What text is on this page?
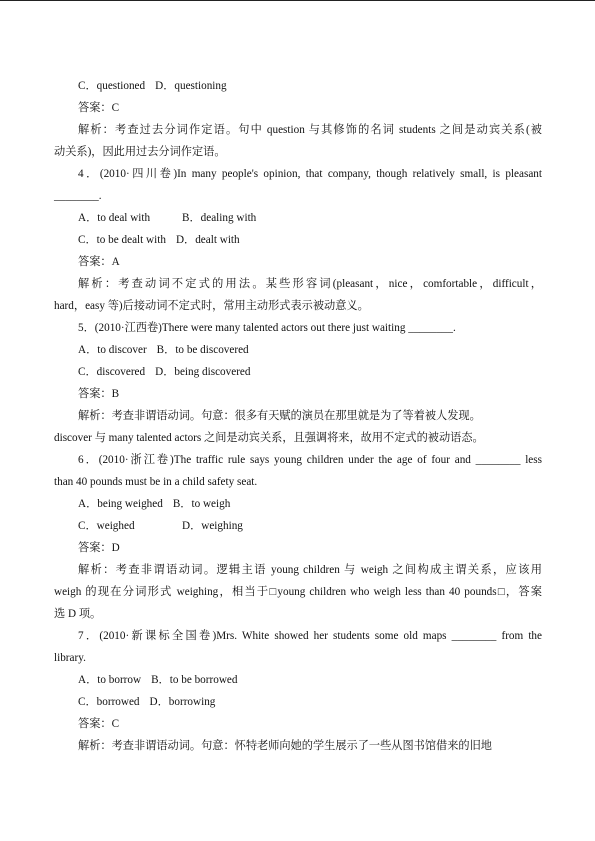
C．questioned D．questioning
答案：C
解析：考查过去分词作定语。句中 question 与其修饰的名词 students 之间是动宾关系(被
动关系)，因此用过去分词作定语。
4．(2010·四川卷)In many people's opinion, that company, though relatively small, is pleasant
________.
A．to deal with	B．dealing with
C．to be dealt with D．dealt with
答案：A
解析：考查动词不定式的用法。某些形容词(pleasant，nice，comfortable，difficult，
hard，easy 等)后接动词不定式时，常用主动形式表示被动意义。
5．(2010·江西卷)There were many talented actors out there just waiting ________.
A．to discover B．to be discovered
C．discovered D．being discovered
答案：B
解析：考查非谓语动词。句意：很多有天赋的演员在那里就是为了等着被人发现。
discover 与 many talented actors 之间是动宾关系，且强调将来，故用不定式的被动语态。
6．(2010·浙江卷)The traffic rule says young children under the age of four and ________ less
than 40 pounds must be in a child safety seat.
A．being weighed B．to weigh
C．weighed	D．weighing
答案：D
解析：考查非谓语动词。逻辑主语 young children 与 weigh 之间构成主谓关系，应该用
weigh 的现在分词形式 weighing，相当于□young children who weigh less than 40 pounds□，答案
选 D 项。
7．(2010·新课标全国卷)Mrs. White showed her students some old maps ________ from the
library.
A．to borrow B．to be borrowed
C．borrowed D．borrowing
答案：C
解析：考查非谓语动词。句意：怀特老师向她的学生展示了一些从图书馆借来的旧地
